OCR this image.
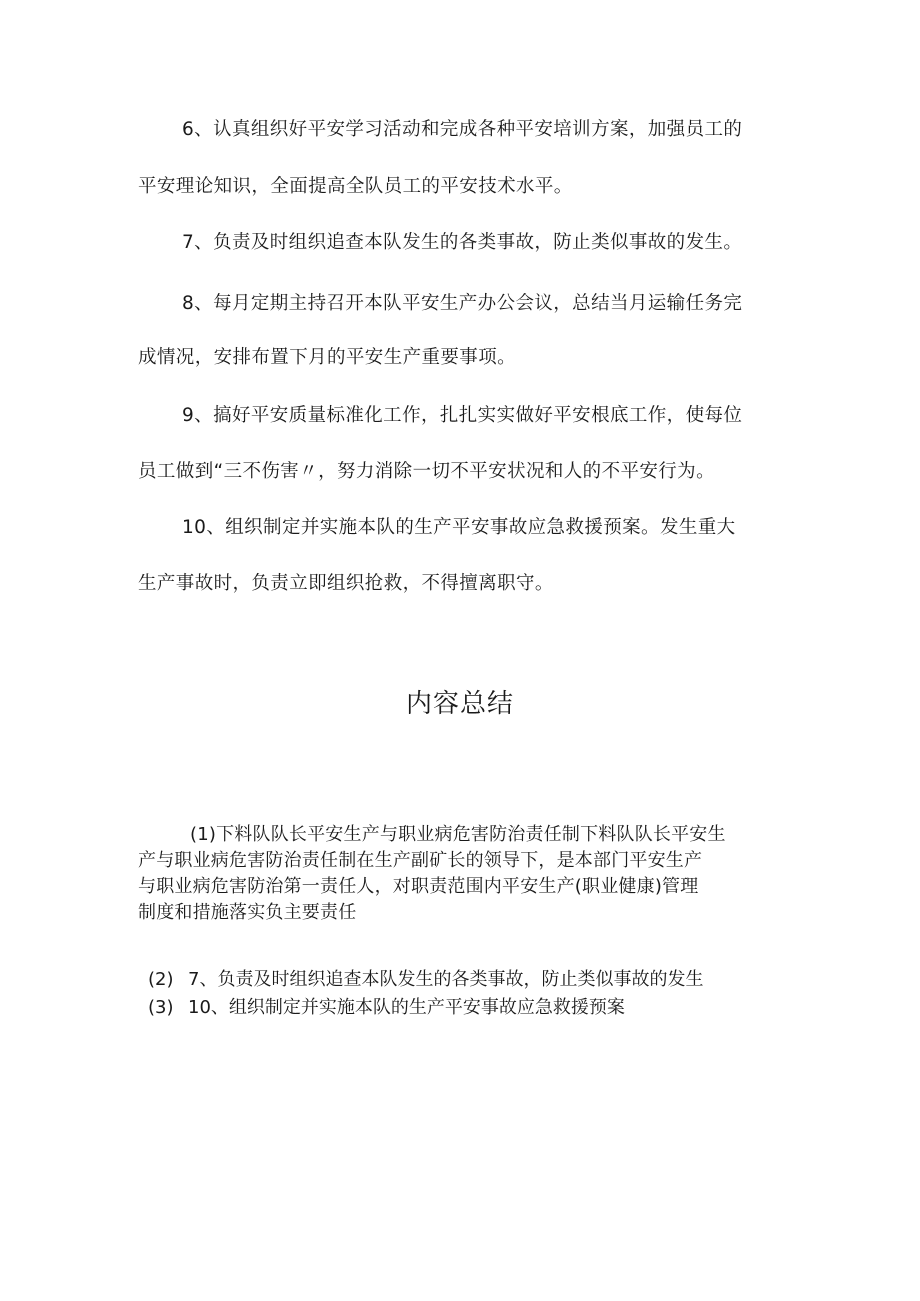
6、认真组织好平安学习活动和完成各种平安培训方案，加强员工的
平安理论知识，全面提高全队员工的平安技术水平。
7、负责及时组织追查本队发生的各类事故，防止类似事故的发生。
8、每月定期主持召开本队平安生产办公会议，总结当月运输任务完
成情况，安排布置下月的平安生产重要事项。
9、搞好平安质量标准化工作，扎扎实实做好平安根底工作，使每位
员工做到“三不伤害〃，努力消除一切不平安状况和人的不平安行为。
10、组织制定并实施本队的生产平安事故应急救援预案。发生重大
生产事故时，负责立即组织抢救，不得擅离职守。
内容总结
(1)下料队队长平安生产与职业病危害防治责任制下料队队长平安生
产与职业病危害防治责任制在生产副矿长的领导下，是本部门平安生产
与职业病危害防治第一责任人，对职责范围内平安生产(职业健康)管理
制度和措施落实负主要责任
(2) 7、负责及时组织追查本队发生的各类事故，防止类似事故的发生
(3) 10、组织制定并实施本队的生产平安事故应急救援预案
